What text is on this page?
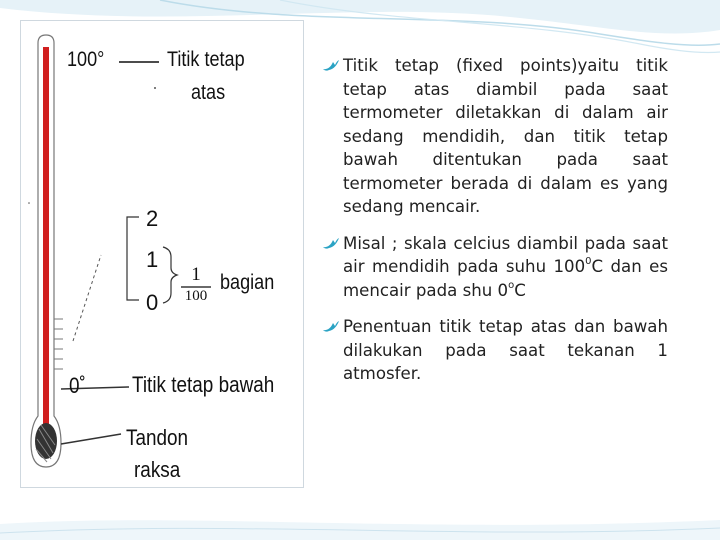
100°	Titik tetap
atas
2
1
0
1
100
bagian
0˚ Titik tetap bawah
Tandon
raksa

Titik tetap (fixed points)yaitu titik tetap atas diambil pada saat termometer diletakkan di dalam air sedang mendidih, dan titik tetap bawah ditentukan pada saat termometer berada di dalam es yang sedang mencair.

Misal ; skala celcius diambil pada saat air mendidih pada suhu $100^0C$ dan es mencair pada shu 0$^o$C

Penentuan titik tetap atas dan bawah dilakukan pada saat tekanan 1 atmosfer.
